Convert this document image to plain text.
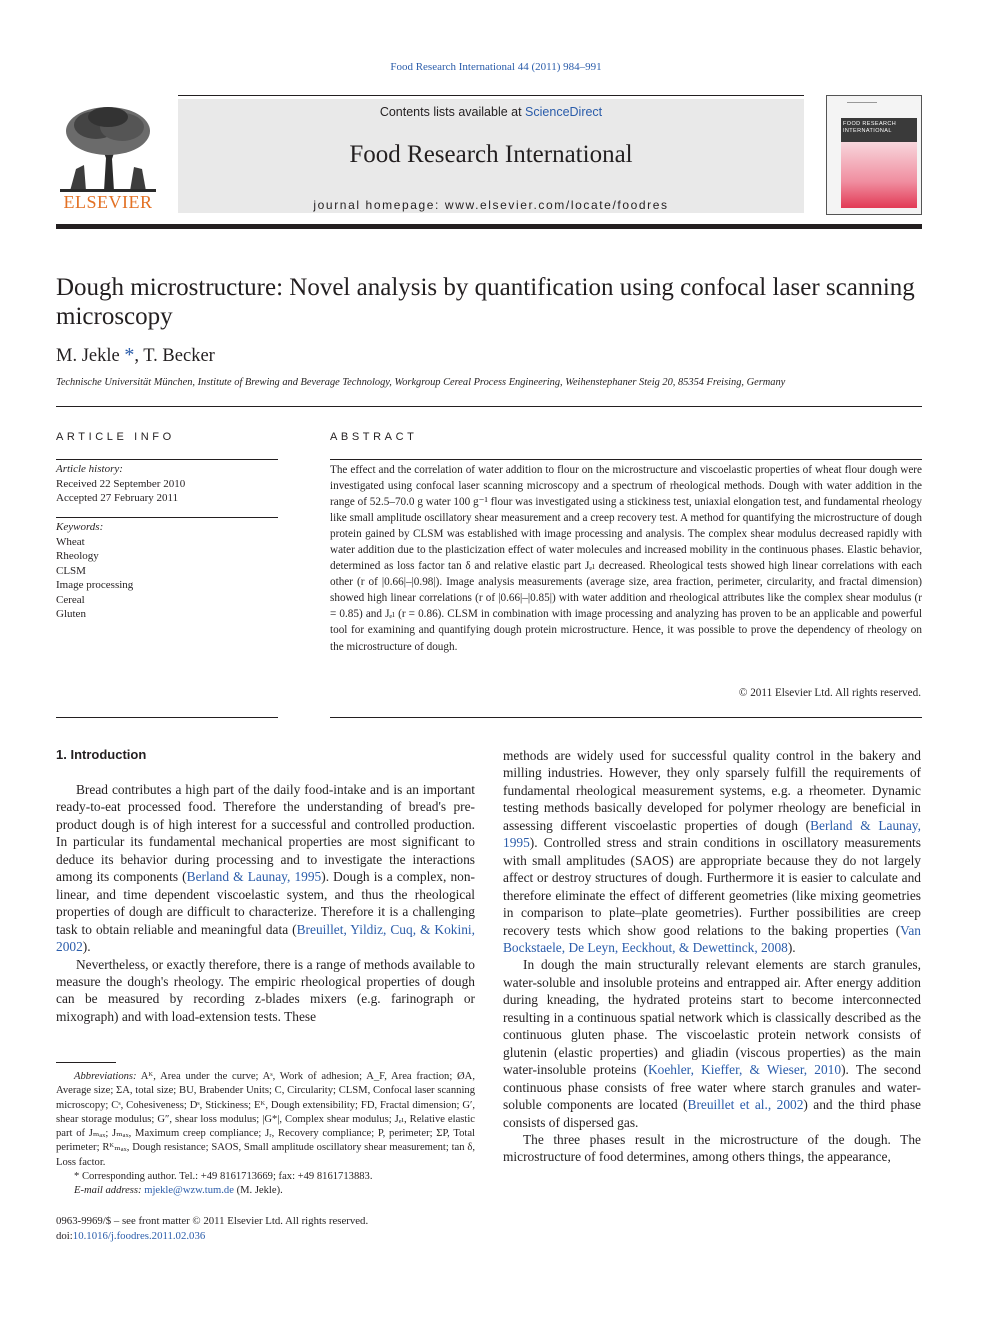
Food Research International 44 (2011) 984–991
ELSEVIER
Contents lists available at ScienceDirect
Food Research International
journal homepage: www.elsevier.com/locate/foodres
FOOD RESEARCH INTERNATIONAL
Dough microstructure: Novel analysis by quantification using confocal laser scanning microscopy
M. Jekle *, T. Becker
Technische Universität München, Institute of Brewing and Beverage Technology, Workgroup Cereal Process Engineering, Weihenstephaner Steig 20, 85354 Freising, Germany
ARTICLE INFO
Article history:
Received 22 September 2010
Accepted 27 February 2011
Keywords:
Wheat
Rheology
CLSM
Image processing
Cereal
Gluten
ABSTRACT
The effect and the correlation of water addition to flour on the microstructure and viscoelastic properties of wheat flour dough were investigated using confocal laser scanning microscopy and a spectrum of rheological methods. Dough with water addition in the range of 52.5–70.0 g water 100 g⁻¹ flour was investigated using a stickiness test, uniaxial elongation test, and fundamental rheology like small amplitude oscillatory shear measurement and a creep recovery test. A method for quantifying the microstructure of dough protein gained by CLSM was established with image processing and analysis. The complex shear modulus decreased rapidly with water addition due to the plasticization effect of water molecules and increased mobility in the continuous phases. Elastic behavior, determined as loss factor tan δ and relative elastic part Jₑₗ decreased. Rheological tests showed high linear correlations with each other (r of |0.66|–|0.98|). Image analysis measurements (average size, area fraction, perimeter, circularity, and fractal dimension) showed high linear correlations (r of |0.66|–|0.85|) with water addition and rheological attributes like the complex shear modulus (r = 0.85) and Jₑₗ (r = 0.86). CLSM in combination with image processing and analyzing has proven to be an applicable and powerful tool for examining and quantifying dough protein microstructure. Hence, it was possible to prove the dependency of rheology on the microstructure of dough.
© 2011 Elsevier Ltd. All rights reserved.
1. Introduction

Bread contributes a high part of the daily food-intake and is an important ready-to-eat processed food. Therefore the understanding of bread's pre-product dough is of high interest for a successful and controlled production. In particular its fundamental mechanical properties are most significant to deduce its behavior during processing and to investigate the interactions among its components (Berland & Launay, 1995). Dough is a complex, non-linear, and time dependent viscoelastic system, and thus the rheological properties of dough are difficult to characterize. Therefore it is a challenging task to obtain reliable and meaningful data (Breuillet, Yildiz, Cuq, & Kokini, 2002).

Nevertheless, or exactly therefore, there is a range of methods available to measure the dough's rheology. The empiric rheological properties of dough can be measured by recording z-blades mixers (e.g. farinograph or mixograph) and with load-extension tests. These

Abbreviations: Aᴷ, Area under the curve; Aˢ, Work of adhesion; A_F, Area fraction; ØA, Average size; ΣA, total size; BU, Brabender Units; C, Circularity; CLSM, Confocal laser scanning microscopy; Cˢ, Cohesiveness; Dˢ, Stickiness; Eᴷ, Dough extensibility; FD, Fractal dimension; G′, shear storage modulus; G″, shear loss modulus; |G*|, Complex shear modulus; Jₑₗ, Relative elastic part of Jₘₐₓ; Jₘₐₓ, Maximum creep compliance; Jᵣ, Recovery compliance; P, perimeter; ΣP, Total perimeter; Rᴷₘₐₓ, Dough resistance; SAOS, Small amplitude oscillatory shear measurement; tan δ, Loss factor.

* Corresponding author. Tel.: +49 8161713669; fax: +49 8161713883.

E-mail address: mjekle@wzw.tum.de (M. Jekle).

0963-9969/$ – see front matter © 2011 Elsevier Ltd. All rights reserved.
doi:10.1016/j.foodres.2011.02.036

methods are widely used for successful quality control in the bakery and milling industries. However, they only sparsely fulfill the requirements of fundamental rheological measurement systems, e.g. a rheometer. Dynamic testing methods basically developed for polymer rheology are beneficial in assessing different viscoelastic properties of dough (Berland & Launay, 1995). Controlled stress and strain conditions in oscillatory measurements with small amplitudes (SAOS) are appropriate because they do not largely affect or destroy structures of dough. Furthermore it is easier to calculate and therefore eliminate the effect of different geometries (like mixing geometries in comparison to plate–plate geometries). Further possibilities are creep recovery tests which show good relations to the baking properties (Van Bockstaele, De Leyn, Eeckhout, & Dewettinck, 2008).

In dough the main structurally relevant elements are starch granules, water-soluble and insoluble proteins and entrapped air. After energy addition during kneading, the hydrated proteins start to become interconnected resulting in a continuous spatial network which is classically described as the continuous gluten phase. The viscoelastic protein network consists of glutenin (elastic properties) and gliadin (viscous properties) as the main water-insoluble proteins (Koehler, Kieffer, & Wieser, 2010). The second continuous phase consists of free water where starch granules and water-soluble components are located (Breuillet et al., 2002) and the third phase consists of dispersed gas.

The three phases result in the microstructure of the dough. The microstructure of food determines, among others things, the appearance,
